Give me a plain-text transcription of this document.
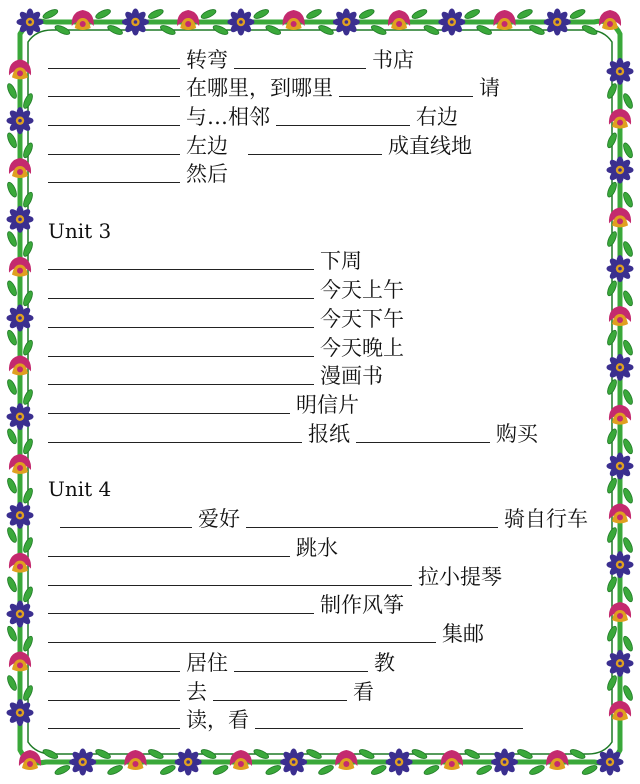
转弯	书店
在哪里，到哪里	请
与…相邻	右边
左边	成直线地
然后
Unit 3
下周
今天上午
今天下午
今天晚上
漫画书
明信片
报纸	购买
Unit 4
爱好	骑自行车
跳水
拉小提琴
制作风筝
集邮
居住	教
去	看
读，看
